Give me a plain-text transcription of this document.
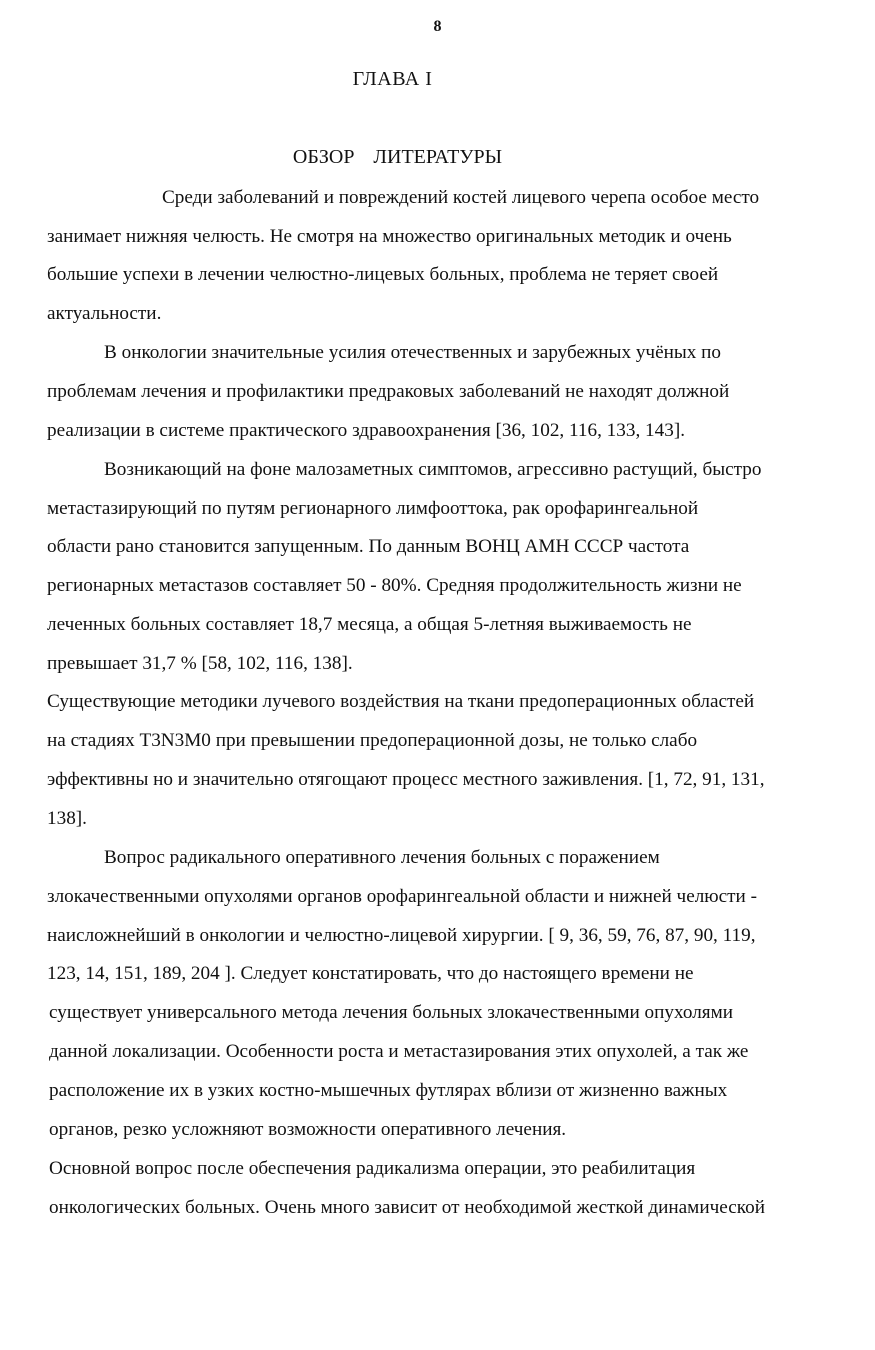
8
ГЛАВА I
ОБЗОР ЛИТЕРАТУРЫ
Среди заболеваний и повреждений костей лицевого черепа особое место
занимает нижняя челюсть. Не смотря на множество оригинальных методик и очень
большие успехи в лечении челюстно-лицевых больных, проблема не теряет своей
актуальности.
В онкологии значительные усилия отечественных и зарубежных учёных по
проблемам лечения и профилактики предраковых заболеваний не находят должной
реализации в системе практического здравоохранения [36, 102, 116, 133, 143].
Возникающий на фоне малозаметных симптомов, агрессивно растущий, быстро
метастазирующий по путям регионарного лимфооттока, рак орофарингеальной
области рано становится запущенным. По данным ВОНЦ АМН СССР частота
регионарных метастазов составляет 50 - 80%. Средняя продолжительность жизни не
леченных больных составляет 18,7 месяца, а общая 5-летняя выживаемость не
превышает 31,7 % [58, 102, 116, 138].
Существующие методики лучевого воздействия на ткани предоперационных областей
на стадиях T3N3M0 при превышении предоперационной дозы, не только слабо
эффективны но и значительно отягощают процесс местного заживления. [1, 72, 91, 131,
138].
Вопрос радикального оперативного лечения больных с поражением
злокачественными опухолями органов орофарингеальной области и нижней челюсти -
наисложнейший в онкологии и челюстно-лицевой хирургии. [ 9, 36, 59, 76, 87, 90, 119,
123, 14, 151, 189, 204 ]. Следует констатировать, что до настоящего времени не
существует универсального метода лечения больных злокачественными опухолями
данной локализации. Особенности роста и метастазирования этих опухолей, а так же
расположение их в узких костно-мышечных футлярах вблизи от жизненно важных
органов, резко усложняют возможности оперативного лечения.
Основной вопрос после обеспечения радикализма операции, это реабилитация
онкологических больных. Очень много зависит от необходимой жесткой динамической
